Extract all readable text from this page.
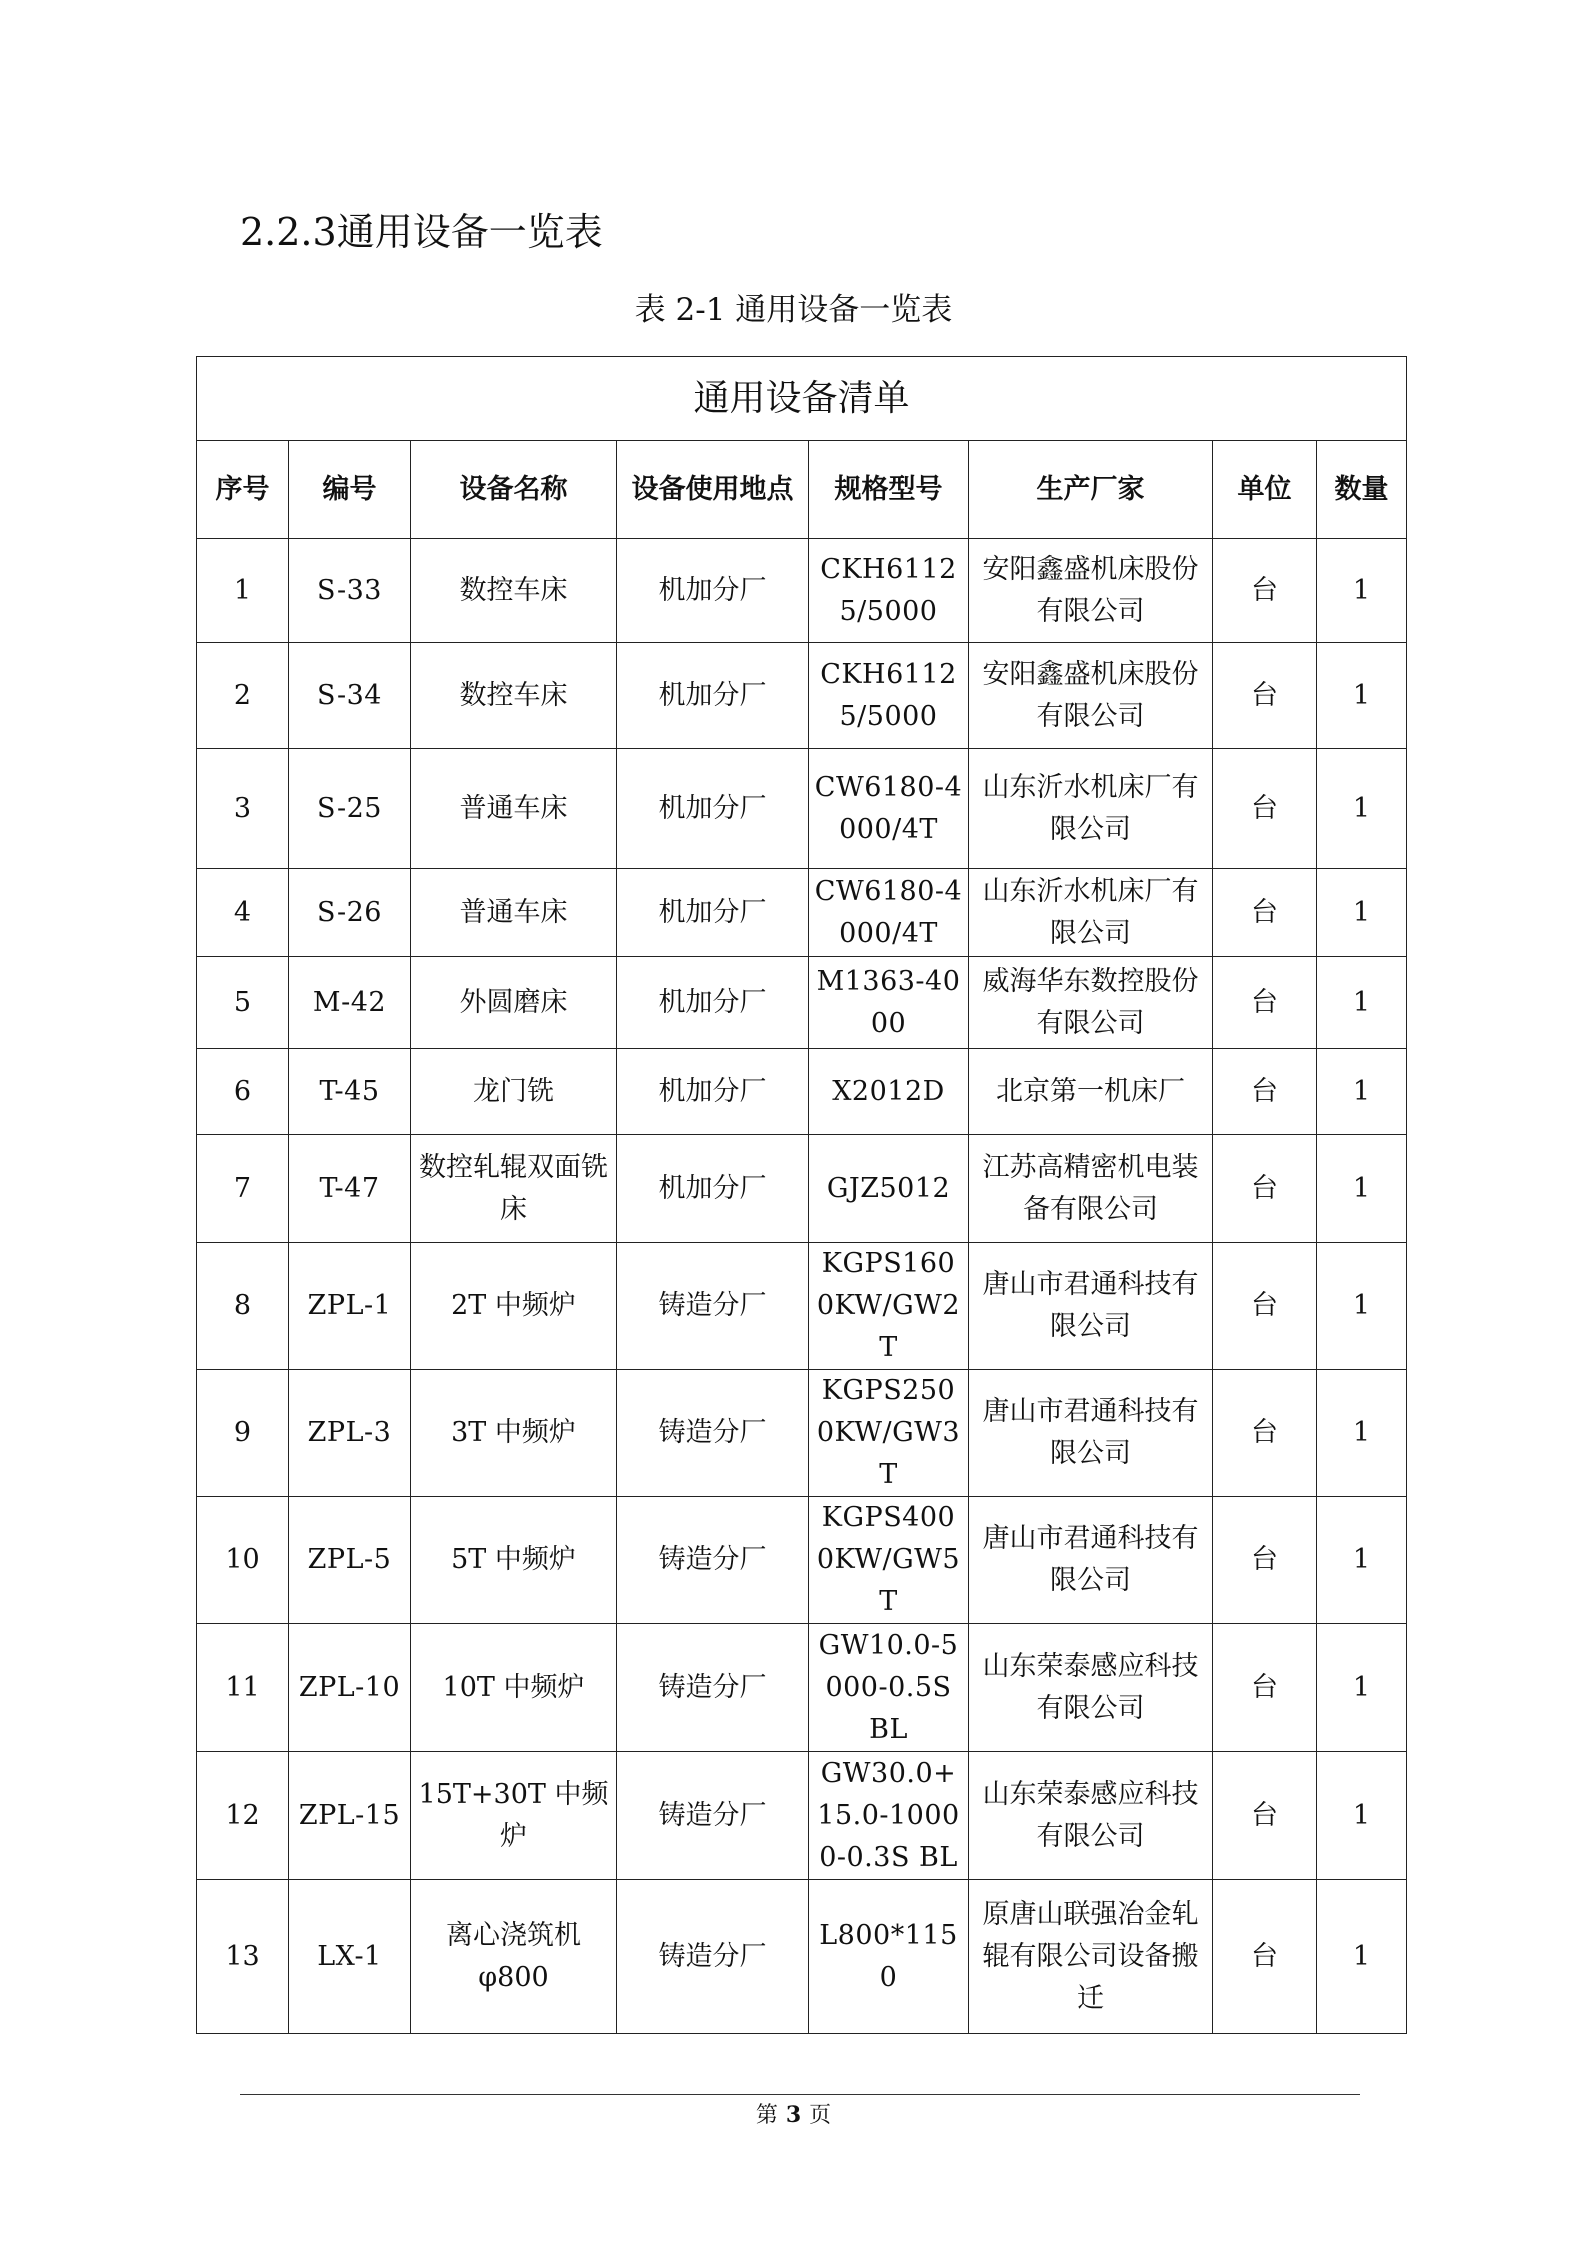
2.2.3通用设备一览表
表 2-1 通用设备一览表
通用设备清单							
序号	编号	设备名称	设备使用地点	规格型号	生产厂家	单位	数量
1	S-33	数控车床	机加分厂	CKH61125/5000	安阳鑫盛机床股份有限公司	台	1
2	S-34	数控车床	机加分厂	CKH61125/5000	安阳鑫盛机床股份有限公司	台	1
3	S-25	普通车床	机加分厂	CW6180-4000/4T	山东沂水机床厂有限公司	台	1
4	S-26	普通车床	机加分厂	CW6180-4000/4T	山东沂水机床厂有限公司	台	1
5	M-42	外圆磨床	机加分厂	M1363-4000	威海华东数控股份有限公司	台	1
6	T-45	龙门铣	机加分厂	X2012D	北京第一机床厂	台	1
7	T-47	数控轧辊双面铣床	机加分厂	GJZ5012	江苏高精密机电装备有限公司	台	1
8	ZPL-1	2T 中频炉	铸造分厂	KGPS1600KW/GW2T	唐山市君通科技有限公司	台	1
9	ZPL-3	3T 中频炉	铸造分厂	KGPS2500KW/GW3T	唐山市君通科技有限公司	台	1
10	ZPL-5	5T 中频炉	铸造分厂	KGPS4000KW/GW5T	唐山市君通科技有限公司	台	1
11	ZPL-10	10T 中频炉	铸造分厂	GW10.0-5000-0.5S BL	山东荣泰感应科技有限公司	台	1
12	ZPL-15	15T+30T 中频炉	铸造分厂	GW30.0+15.0-10000-0.3S BL	山东荣泰感应科技有限公司	台	1
13	LX-1	离心浇筑机φ800	铸造分厂	L800*1150	原唐山联强冶金轧辊有限公司设备搬迁	台	1
第 3 页
